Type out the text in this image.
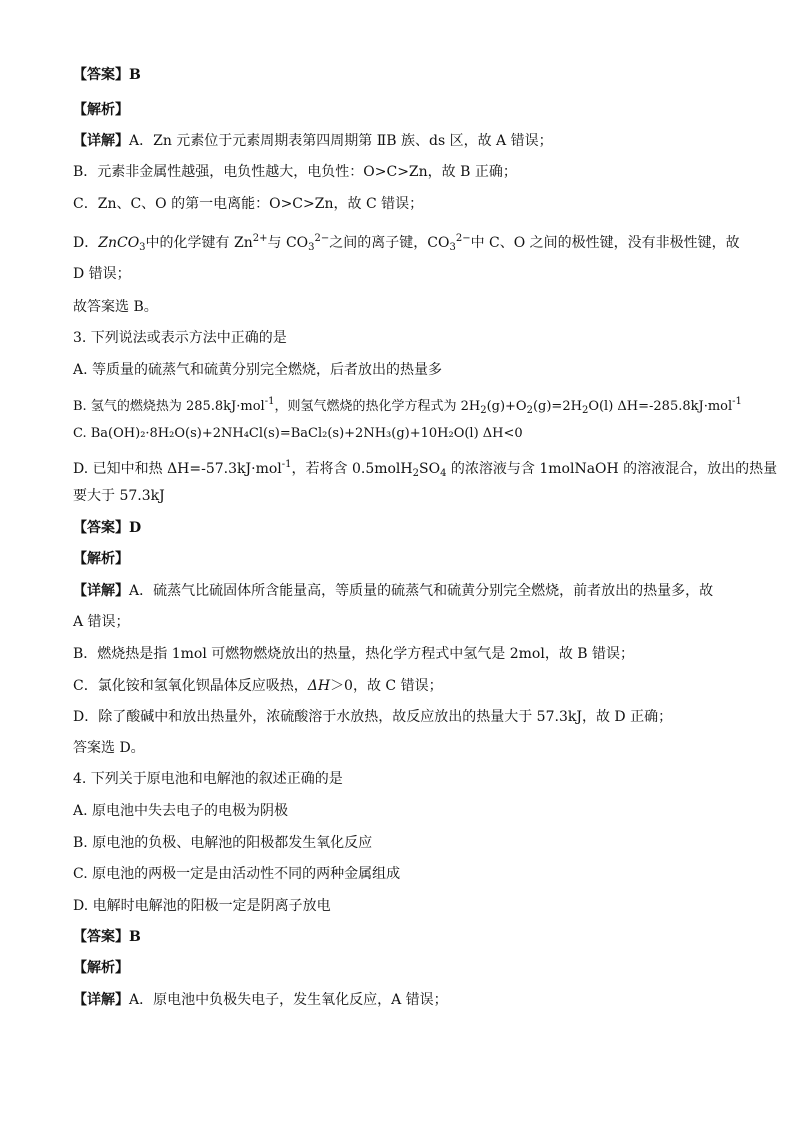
【答案】B
【解析】
【详解】A．Zn 元素位于元素周期表第四周期第 ⅡB 族、ds 区，故 A 错误；
B．元素非金属性越强，电负性越大，电负性：O>C>Zn，故 B 正确；
C．Zn、C、O 的第一电离能：O>C>Zn，故 C 错误；
D．ZnCO$_3$中的化学键有 $Zn^{2+}$与 $CO_3^{2-}$之间的离子键，$CO_3^{2-}$中 C、O 之间的极性键，没有非极性键，故
D 错误；
故答案选 B。
3. 下列说法或表示方法中正确的是
A. 等质量的硫蒸气和硫黄分别完全燃烧，后者放出的热量多
B. 氢气的燃烧热为 285.8kJ·mol$^{-1}$，则氢气燃烧的热化学方程式为 $2H_2(g)+O_2(g)=2H_2O(l)$ ΔH=-285.8kJ·mol$^{-1}$
C. Ba(OH)₂·8H₂O(s)+2NH₄Cl(s)=BaCl₂(s)+2NH₃(g)+10H₂O(l) ΔH<0
D. 已知中和热 ΔH=-57.3kJ·mol$^{-1}$，若将含 $0.5molH_2SO_4$ 的浓溶液与含 1molNaOH 的溶液混合，放出的热量
要大于 57.3kJ
【答案】D
【解析】
【详解】A．硫蒸气比硫固体所含能量高，等质量的硫蒸气和硫黄分别完全燃烧，前者放出的热量多，故
A 错误；
B．燃烧热是指 1mol 可燃物燃烧放出的热量，热化学方程式中氢气是 2mol，故 B 错误；
C．氯化铵和氢氧化钡晶体反应吸热，ΔH＞0，故 C 错误；
D．除了酸碱中和放出热量外，浓硫酸溶于水放热，故反应放出的热量大于 57.3kJ，故 D 正确；
答案选 D。
4. 下列关于原电池和电解池的叙述正确的是
A. 原电池中失去电子的电极为阴极
B. 原电池的负极、电解池的阳极都发生氧化反应
C. 原电池的两极一定是由活动性不同的两种金属组成
D. 电解时电解池的阳极一定是阴离子放电
【答案】B
【解析】
【详解】A．原电池中负极失电子，发生氧化反应，A 错误；
